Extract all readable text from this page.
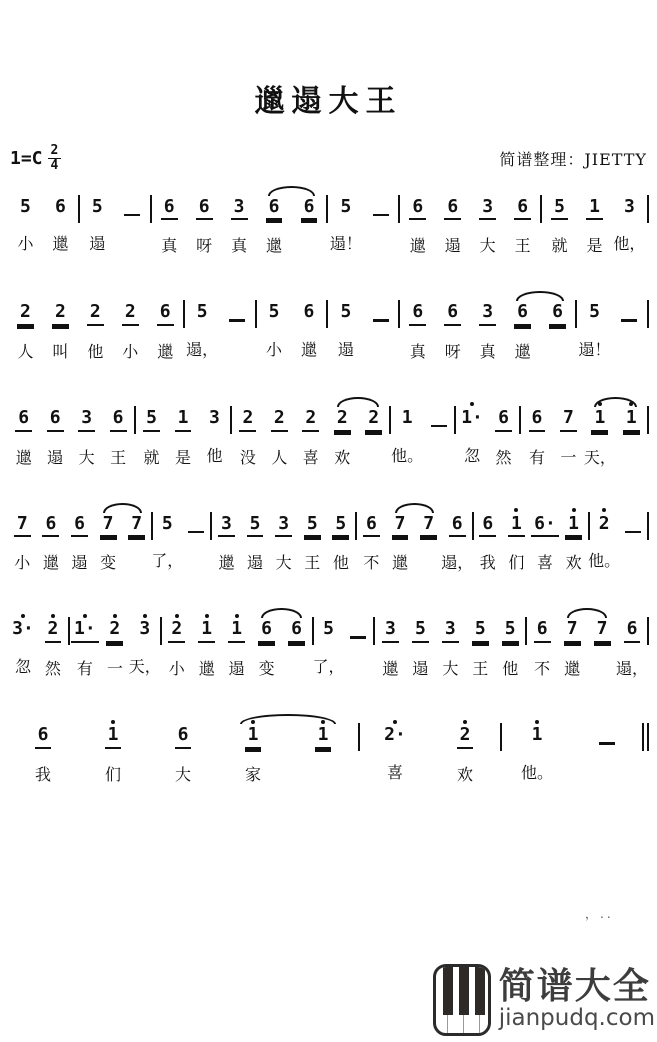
邋遢大王
$1=C \frac{2}{4}$	简谱整理：JIETTY
5
小
6
邋
5
遢
6
真
6
呀
3
真
6
邋
6 5
遢！
6
邋
6
遢
3
大
6
王
5
就
1
是
3
他，
2
人
2
叫
2
他
2
小
6
邋
5
遢，
5
小
6
邋
5
遢
6
真
6
呀
3
真
6
邋
6 5
遢！
6
邋
6
遢
3
大
6
王
5
就
1
是
3
他
2
没
2
人
2
喜
2
欢
2 1
他。
1·
忽
6
然
6
有
7
一
1
天，
1
7
小
6
邋
6
遢
7
变
7 5
了，
3
邋
5
遢
3
大
5
王
5
他
6
不
7
邋
7 6
遢，
6
我
1
们
6·
喜
1
欢
2
他。
3·
忽
2
然
1·
有
2
一
3
天，
2
小
1
邋
1
遢
6
变
6 5
了，
3
邋
5
遢
3
大
5
王
5
他
6
不
7
邋
7 6
遢，
6
我
1
们
6
大
1
家
1	2·
喜
2
欢
1
他。
，..
简谱大全
jianpudq.com
